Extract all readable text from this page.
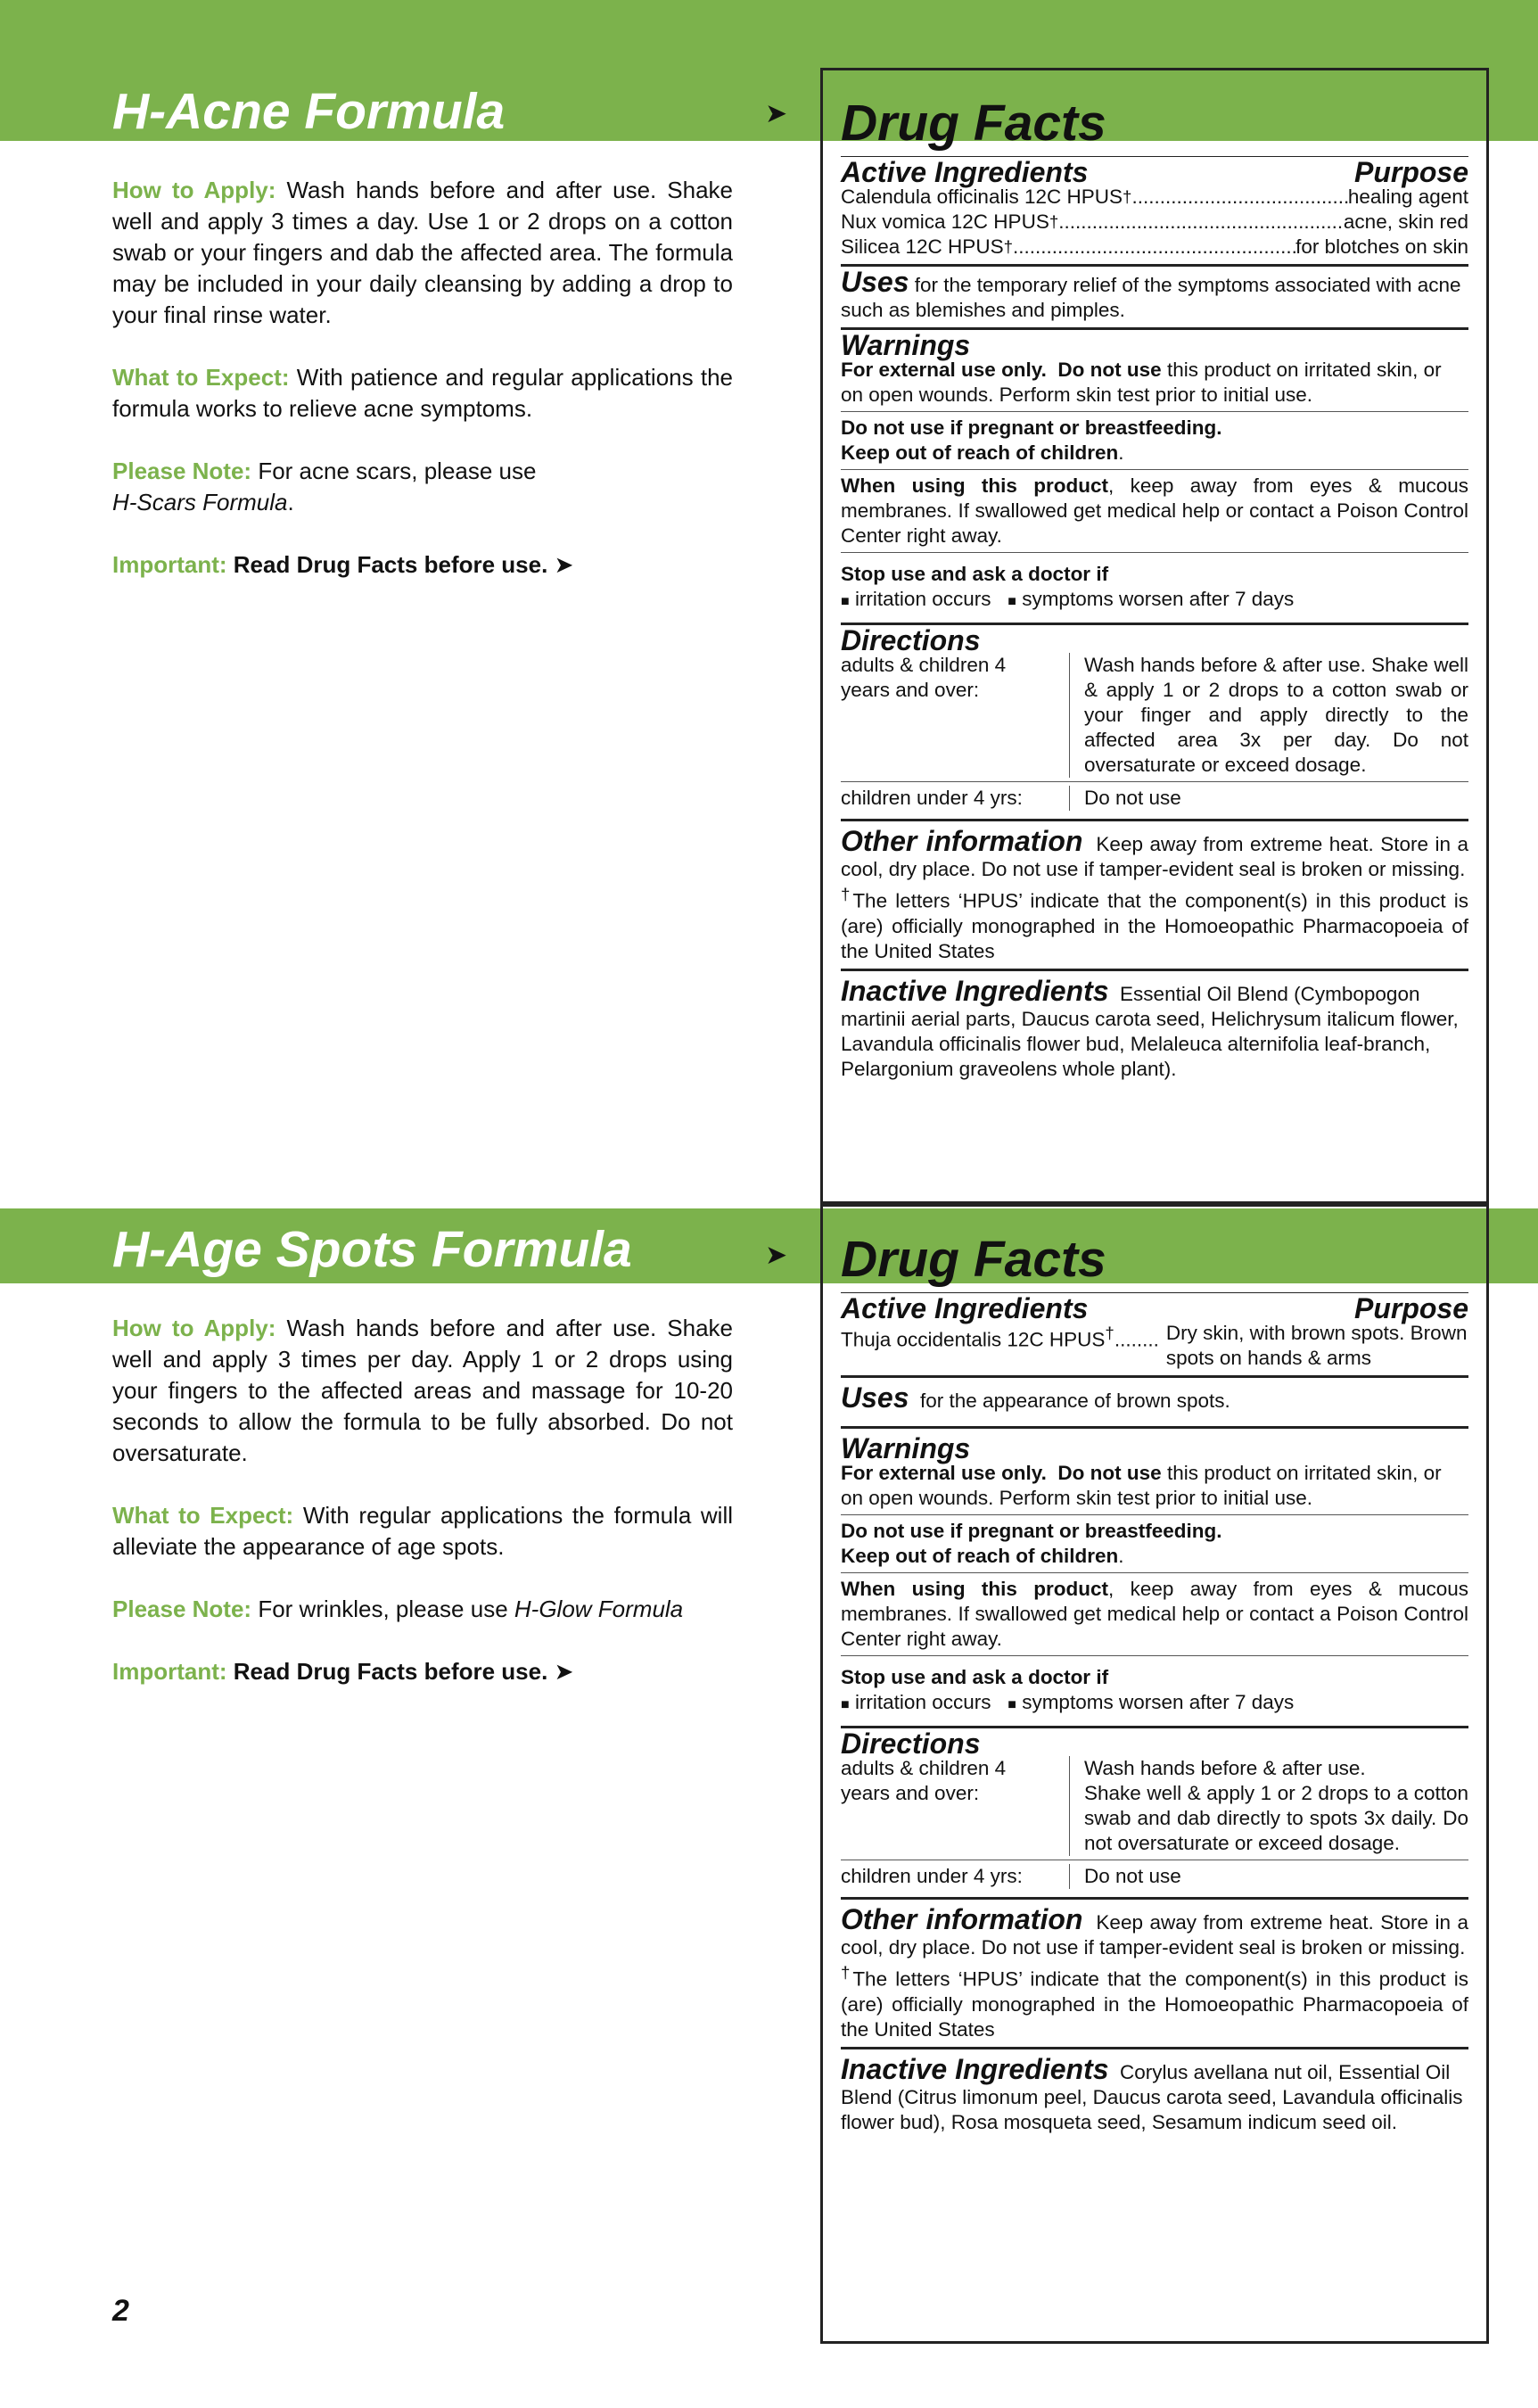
H-Acne Formula	➤

How to Apply: Wash hands before and after use. Shake well and apply 3 times a day. Use 1 or 2 drops on a cotton swab or your fingers and dab the affected area. The formula may be included in your daily cleansing by adding a drop to your final rinse water.

What to Expect: With patience and regular applications the formula works to relieve acne symptoms.

Please Note: For acne scars, please use
H-Scars Formula.

Important: Read Drug Facts before use. ➤

Drug Facts
Active Ingredients	Purpose
Calendula officinalis 12C HPUS † .....	healing agent
Nux vomica 12C HPUS † .....	acne, skin red
Silicea 12C HPUS † .....	for blotches on skin
Uses for the temporary relief of the symptoms associated with acne such as blemishes and pimples.
Warnings
For external use only. Do not use this product on irritated skin, or on open wounds. Perform skin test prior to initial use.
Do not use if pregnant or breastfeeding.
Keep out of reach of children.
When using this product, keep away from eyes & mucous membranes. If swallowed get medical help or contact a Poison Control Center right away.
Stop use and ask a doctor if
■ irritation occurs ■ symptoms worsen after 7 days
Directions
adults & children 4 years and over:
Wash hands before & after use. Shake well & apply 1 or 2 drops to a cotton swab or your finger and apply directly to the affected area 3x per day. Do not oversaturate or exceed dosage.
children under 4 yrs:	Do not use
Other information Keep away from extreme heat. Store in a cool, dry place. Do not use if tamper-evident seal is broken or missing.
†The letters ‘HPUS’ indicate that the component(s) in this product is (are) officially monographed in the Homoeopathic Pharmacopoeia of the United States
Inactive Ingredients Essential Oil Blend (Cymbopogon martinii aerial parts, Daucus carota seed, Helichrysum italicum flower, Lavandula officinalis flower bud, Melaleuca alternifolia leaf-branch, Pelargonium graveolens whole plant).
H-Age Spots Formula	➤

How to Apply: Wash hands before and after use. Shake well and apply 3 times per day. Apply 1 or 2 drops using your fingers to the affected areas and massage for 10-20 seconds to allow the formula to be fully absorbed. Do not oversaturate.

What to Expect: With regular applications the formula will alleviate the appearance of age spots.

Please Note: For wrinkles, please use H-Glow Formula

Important: Read Drug Facts before use. ➤

Drug Facts
Active Ingredients	Purpose
Thuja occidentalis 12C HPUS†........ Dry skin, with brown spots. Brown spots on hands & arms
Uses for the appearance of brown spots.
Warnings
For external use only. Do not use this product on irritated skin, or on open wounds. Perform skin test prior to initial use.
Do not use if pregnant or breastfeeding.
Keep out of reach of children.
When using this product, keep away from eyes & mucous membranes. If swallowed get medical help or contact a Poison Control Center right away.
Stop use and ask a doctor if
■ irritation occurs ■ symptoms worsen after 7 days
Directions
adults & children 4 years and over:
Wash hands before & after use.
Shake well & apply 1 or 2 drops to a cotton swab and dab directly to spots 3x daily. Do not oversaturate or exceed dosage.
children under 4 yrs:	Do not use
Other information Keep away from extreme heat. Store in a cool, dry place. Do not use if tamper-evident seal is broken or missing.
†The letters ‘HPUS’ indicate that the component(s) in this product is (are) officially monographed in the Homoeopathic Pharmacopoeia of the United States
Inactive Ingredients Corylus avellana nut oil, Essential Oil Blend (Citrus limonum peel, Daucus carota seed, Lavandula officinalis flower bud), Rosa mosqueta seed, Sesamum indicum seed oil.
2
